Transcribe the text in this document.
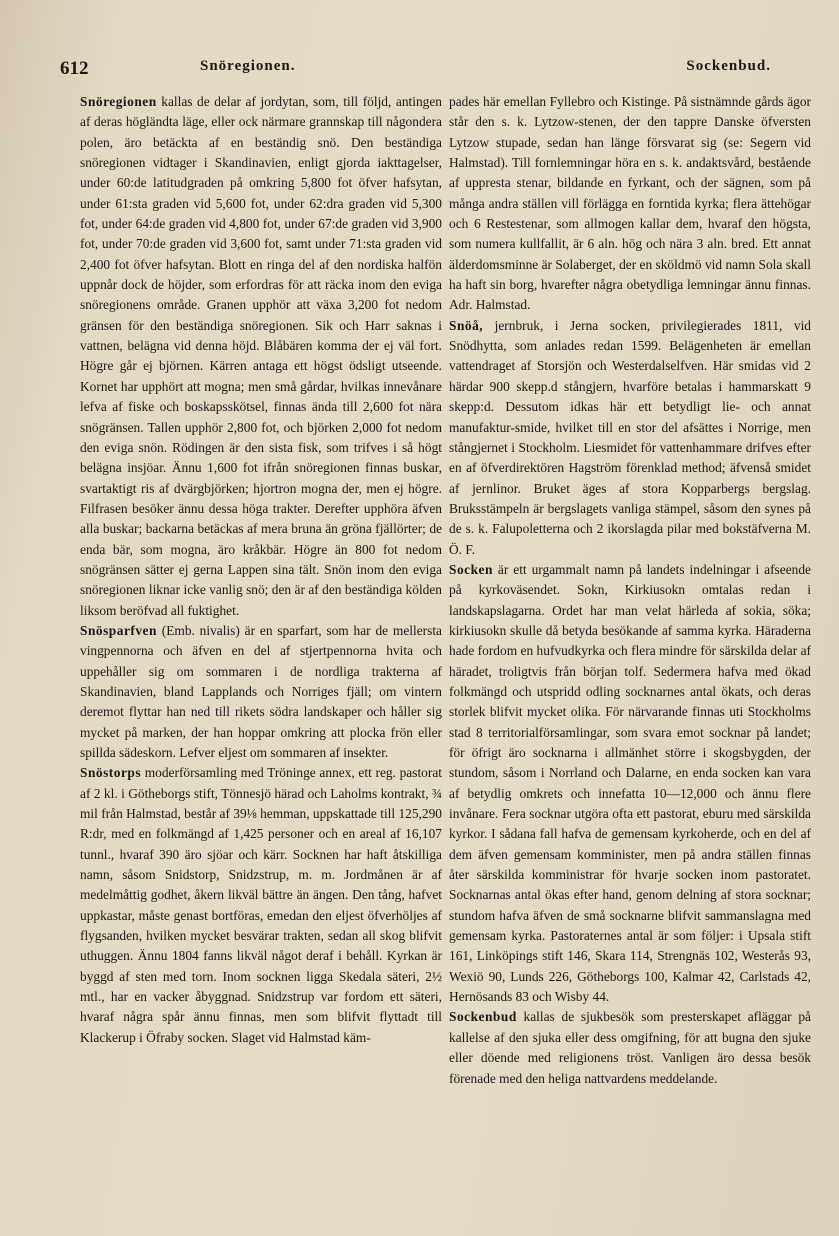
612	Snöregionen.	Sockenbud.

Snöregionen kallas de delar af jordytan, som, till följd, antingen af deras högländta läge, eller ock närmare grannskap till någondera polen, äro betäckta af en beständig snö. Den beständiga snöregionen vidtager i Skandinavien, enligt gjorda iakttagelser, under 60:de latitudgraden på omkring 5,800 fot öfver hafsytan, under 61:sta graden vid 5,600 fot, under 62:dra graden vid 5,300 fot, under 64:de graden vid 4,800 fot, under 67:de graden vid 3,900 fot, under 70:de graden vid 3,600 fot, samt under 71:sta graden vid 2,400 fot öfver hafsytan. Blott en ringa del af den nordiska halfön uppnår dock de höjder, som erfordras för att räcka inom den eviga snöregionens område. Granen upphör att växa 3,200 fot nedom gränsen för den beständiga snöregionen. Sik och Harr saknas i vattnen, belägna vid denna höjd. Blåbären komma der ej väl fort. Högre går ej björnen. Kärren antaga ett högst ödsligt utseende. Kornet har upphört att mogna; men små gårdar, hvilkas innevånare lefva af fiske och boskapsskötsel, finnas ända till 2,600 fot nära snögränsen. Tallen upphör 2,800 fot, och björken 2,000 fot nedom den eviga snön. Rödingen är den sista fisk, som trifves i så högt belägna insjöar. Ännu 1,600 fot ifrån snöregionen finnas buskar, svartaktigt ris af dvärgbjörken; hjortron mogna der, men ej högre. Filfrasen besöker ännu dessa höga trakter. Derefter upphöra äfven alla buskar; backarna betäckas af mera bruna än gröna fjällörter; de enda bär, som mogna, äro kråkbär. Högre än 800 fot nedom snögränsen sätter ej gerna Lappen sina tält. Snön inom den eviga snöregionen liknar icke vanlig snö; den är af den beständiga kölden liksom beröfvad all fuktighet.

Snösparfven (Emb. nivalis) är en sparfart, som har de mellersta vingpennorna och äfven en del af stjertpennorna hvita och uppehåller sig om sommaren i de nordliga trakterna af Skandinavien, bland Lapplands och Norriges fjäll; om vintern deremot flyttar han ned till rikets södra landskaper och håller sig mycket på marken, der han hoppar omkring att plocka frön eller spillda sädeskorn. Lefver eljest om sommaren af insekter.

Snöstorps moderförsamling med Tröninge annex, ett reg. pastorat af 2 kl. i Götheborgs stift, Tönnesjö härad och Laholms kontrakt, ¾ mil från Halmstad, består af 39⅛ hemman, uppskattade till 125,290 R:dr, med en folkmängd af 1,425 personer och en areal af 16,107 tunnl., hvaraf 390 äro sjöar och kärr. Socknen har haft åtskilliga namn, såsom Snidstorp, Snidzstrup, m. m. Jordmånen är af medelmåttig godhet, åkern likväl bättre än ängen. Den tång, hafvet uppkastar, måste genast bortföras, emedan den eljest öfverhöljes af flygsanden, hvilken mycket besvärar trakten, sedan all skog blifvit uthuggen. Ännu 1804 fanns likväl något deraf i behåll. Kyrkan är byggd af sten med torn. Inom socknen ligga Skedala säteri, 2½ mtl., har en vacker åbyggnad. Snidzstrup var fordom ett säteri, hvaraf några spår ännu finnas, men som blifvit flyttadt till Klackerup i Öfraby socken. Slaget vid Halmstad käm-

pades här emellan Fyllebro och Kistinge. På sistnämnde gårds ägor står den s. k. Lytzow-stenen, der den tappre Danske öfversten Lytzow stupade, sedan han länge försvarat sig (se: Segern vid Halmstad). Till fornlemningar höra en s. k. andaktsvård, bestående af uppresta stenar, bildande en fyrkant, och der sägnen, som på många andra ställen vill förlägga en forntida kyrka; flera ättehögar och 6 Restestenar, som allmogen kallar dem, hvaraf den högsta, som numera kullfallit, är 6 aln. hög och nära 3 aln. bred. Ett annat älderdomsminne är Solaberget, der en sköldmö vid namn Sola skall ha haft sin borg, hvarefter några obetydliga lemningar ännu finnas. Adr. Halmstad.

Snöå, jernbruk, i Jerna socken, privilegierades 1811, vid Snödhytta, som anlades redan 1599. Belägenheten är emellan vattendraget af Storsjön och Westerdalselfven. Här smidas vid 2 härdar 900 skepp.d stångjern, hvarföre betalas i hammarskatt 9 skepp:d. Dessutom idkas här ett betydligt lie- och annat manufaktur-smide, hvilket till en stor del afsättes i Norrige, men stångjernet i Stockholm. Liesmidet för vattenhammare drifves efter en af öfverdirektören Hagström förenklad method; äfvenså smidet af jernlinor. Bruket äges af stora Kopparbergs bergslag. Bruksstämpeln är bergslagets vanliga stämpel, såsom den synes på de s. k. Falupoletterna och 2 ikorslagda pilar med bokstäfverna M. Ö. F.

Socken är ett urgammalt namn på landets indelningar i afseende på kyrkoväsendet. Sokn, Kirkiusokn omtalas redan i landskapslagarna. Ordet har man velat härleda af sokia, söka; kirkiusokn skulle då betyda besökande af samma kyrka. Häraderna hade fordom en hufvudkyrka och flera mindre för särskilda delar af häradet, troligtvis från början tolf. Sedermera hafva med ökad folkmängd och utspridd odling socknarnes antal ökats, och deras storlek blifvit mycket olika. För närvarande finnas uti Stockholms stad 8 territorialförsamlingar, som svara emot socknar på landet; för öfrigt äro socknarna i allmänhet större i skogsbygden, der stundom, såsom i Norrland och Dalarne, en enda socken kan vara af betydlig omkrets och innefatta 10—12,000 och ännu flere invånare. Fera socknar utgöra ofta ett pastorat, eburu med särskilda kyrkor. I sådana fall hafva de gemensam kyrkoherde, och en del af dem äfven gemensam komminister, men på andra ställen finnas åter särskilda komministrar för hvarje socken inom pastoratet. Socknarnas antal ökas efter hand, genom delning af stora socknar; stundom hafva äfven de små socknarne blifvit sammanslagna med gemensam kyrka. Pastoraternes antal är som följer: i Upsala stift 161, Linköpings stift 146, Skara 114, Strengnäs 102, Westerås 93, Wexiö 90, Lunds 226, Götheborgs 100, Kalmar 42, Carlstads 42, Hernösands 83 och Wisby 44.

Sockenbud kallas de sjukbesök som presterskapet afläggar på kallelse af den sjuka eller dess omgifning, för att bugna den sjuke eller döende med religionens tröst. Vanligen äro dessa besök förenade med den heliga nattvardens meddelande.
